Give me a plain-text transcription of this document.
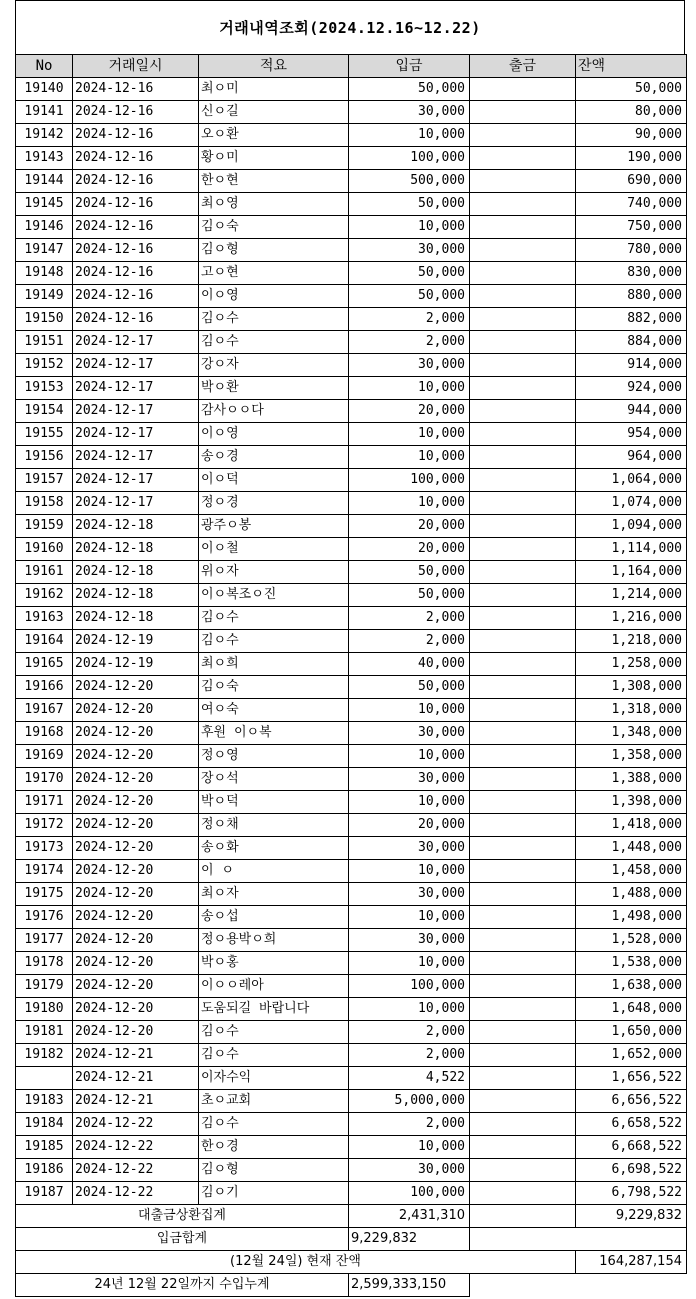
거래내역조회(2024.12.16~12.22)
No	거래일시	적요	입금	출금	잔액
19140	2024-12-16	최ㅇ미	50,000		50,000
19141	2024-12-16	신ㅇ길	30,000		80,000
19142	2024-12-16	오ㅇ환	10,000		90,000
19143	2024-12-16	황ㅇ미	100,000		190,000
19144	2024-12-16	한ㅇ현	500,000		690,000
19145	2024-12-16	최ㅇ영	50,000		740,000
19146	2024-12-16	김ㅇ숙	10,000		750,000
19147	2024-12-16	김ㅇ형	30,000		780,000
19148	2024-12-16	고ㅇ현	50,000		830,000
19149	2024-12-16	이ㅇ영	50,000		880,000
19150	2024-12-16	김ㅇ수	2,000		882,000
19151	2024-12-17	김ㅇ수	2,000		884,000
19152	2024-12-17	강ㅇ자	30,000		914,000
19153	2024-12-17	박ㅇ환	10,000		924,000
19154	2024-12-17	감사ㅇㅇ다	20,000		944,000
19155	2024-12-17	이ㅇ영	10,000		954,000
19156	2024-12-17	송ㅇ경	10,000		964,000
19157	2024-12-17	이ㅇ덕	100,000		1,064,000
19158	2024-12-17	정ㅇ경	10,000		1,074,000
19159	2024-12-18	광주ㅇ봉	20,000		1,094,000
19160	2024-12-18	이ㅇ철	20,000		1,114,000
19161	2024-12-18	위ㅇ자	50,000		1,164,000
19162	2024-12-18	이ㅇ복조ㅇ진	50,000		1,214,000
19163	2024-12-18	김ㅇ수	2,000		1,216,000
19164	2024-12-19	김ㅇ수	2,000		1,218,000
19165	2024-12-19	최ㅇ희	40,000		1,258,000
19166	2024-12-20	김ㅇ숙	50,000		1,308,000
19167	2024-12-20	여ㅇ숙	10,000		1,318,000
19168	2024-12-20	후원 이ㅇ복	30,000		1,348,000
19169	2024-12-20	정ㅇ영	10,000		1,358,000
19170	2024-12-20	장ㅇ석	30,000		1,388,000
19171	2024-12-20	박ㅇ덕	10,000		1,398,000
19172	2024-12-20	정ㅇ채	20,000		1,418,000
19173	2024-12-20	송ㅇ화	30,000		1,448,000
19174	2024-12-20	이 ㅇ	10,000		1,458,000
19175	2024-12-20	최ㅇ자	30,000		1,488,000
19176	2024-12-20	송ㅇ섭	10,000		1,498,000
19177	2024-12-20	정ㅇ용박ㅇ희	30,000		1,528,000
19178	2024-12-20	박ㅇ홍	10,000		1,538,000
19179	2024-12-20	이ㅇㅇ레아	100,000		1,638,000
19180	2024-12-20	도움되길 바랍니다	10,000		1,648,000
19181	2024-12-20	김ㅇ수	2,000		1,650,000
19182	2024-12-21	김ㅇ수	2,000		1,652,000
	2024-12-21	이자수익	4,522		1,656,522
19183	2024-12-21	초ㅇ교회	5,000,000		6,656,522
19184	2024-12-22	김ㅇ수	2,000		6,658,522
19185	2024-12-22	한ㅇ경	10,000		6,668,522
19186	2024-12-22	김ㅇ형	30,000		6,698,522
19187	2024-12-22	김ㅇ기	100,000		6,798,522
대출금상환집계			2,431,310		9,229,832
입금합계			9,229,832		
(12월 24일) 현재 잔액					164,287,154
24년 12월 22일까지 수입누계			2,599,333,150		
